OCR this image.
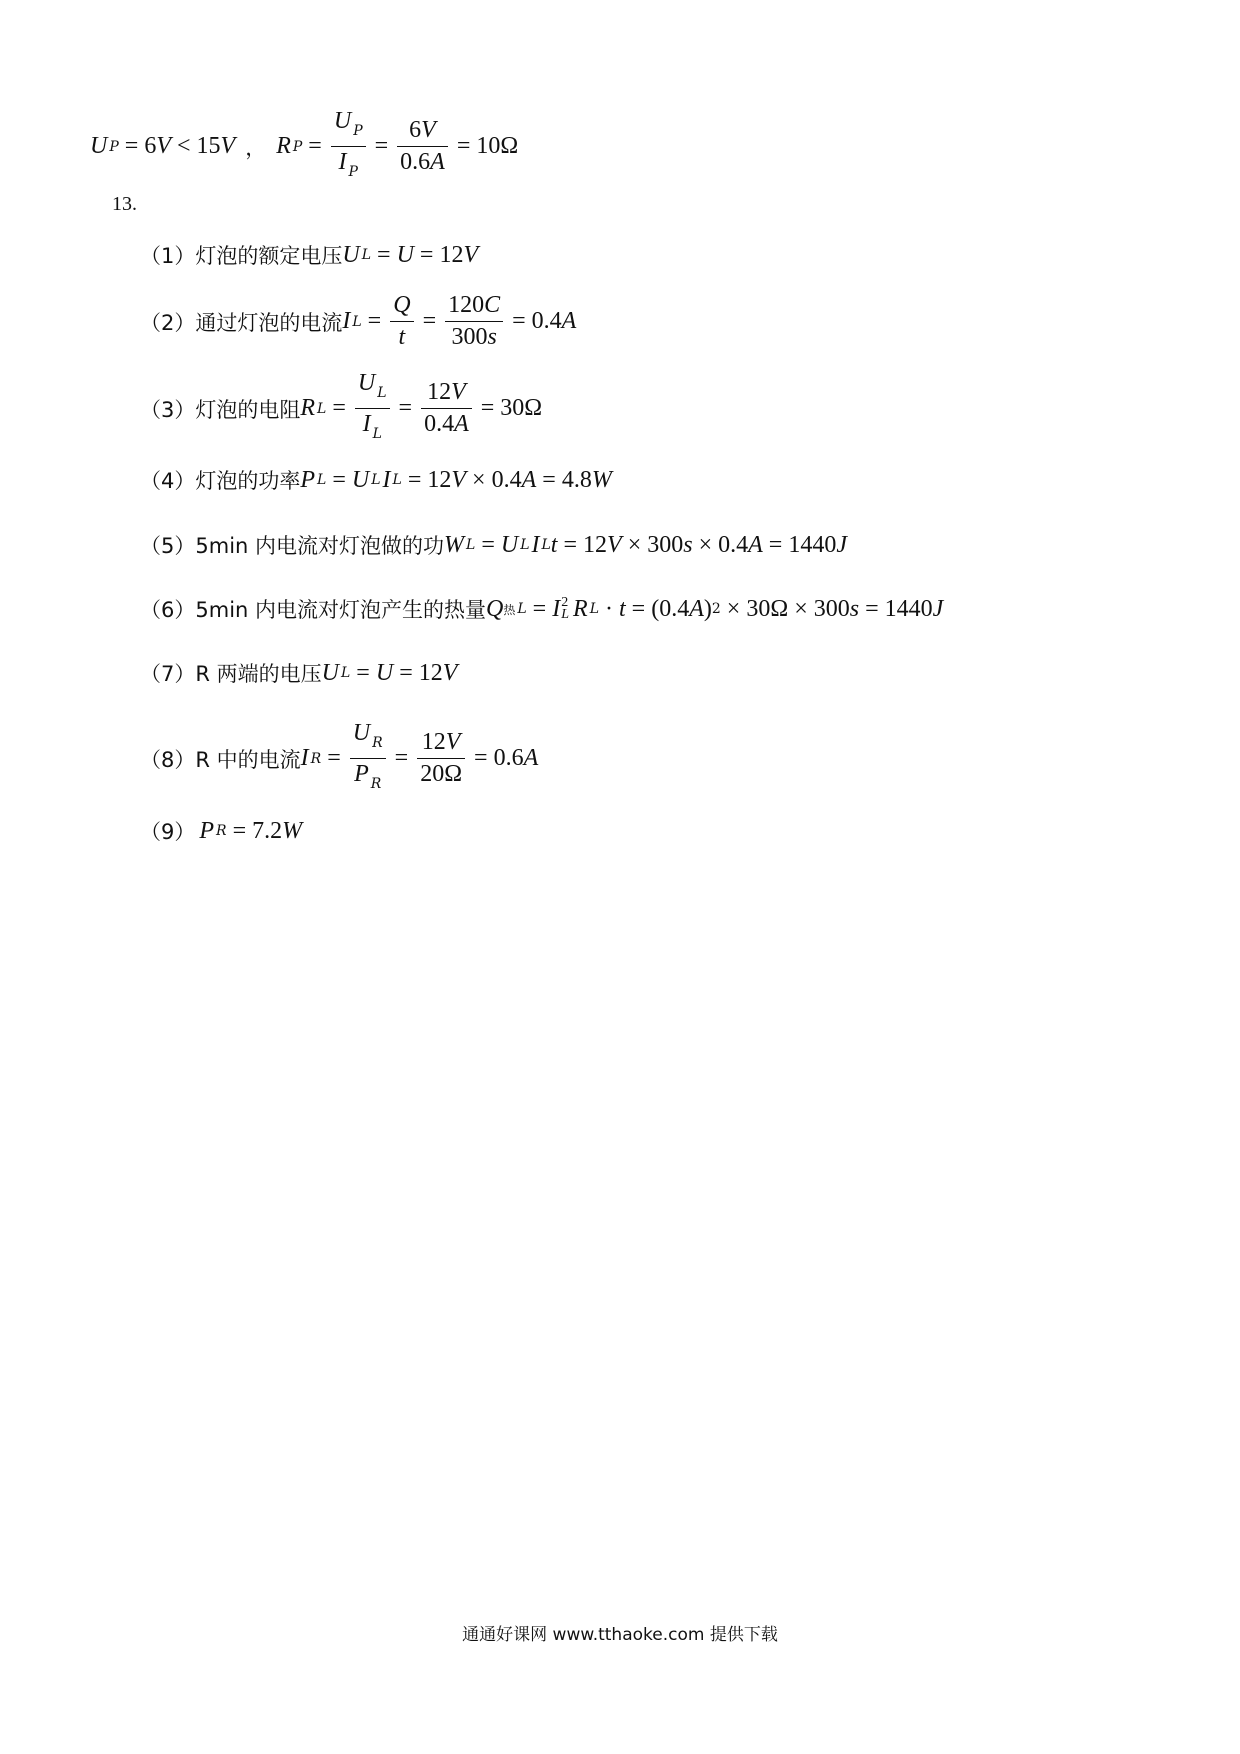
U P = 6 V < 15 V ， R $P = \frac{U _P}{I _P} = \frac{6V}{0.6A} = 10\Omega$
13.
（1） 灯泡的额定电压 U L = U = 12 V
（2） 通过灯泡的电流 I $L = \frac{Q}{t} = \frac{120C}{300s} = 0.4$ A
（3） 灯泡的电阻 R $L = \frac{U _L}{I _L} = \frac{12V}{0.4A} = 30\Omega$
（4） 灯泡的功率 P L = U L I L = 12 V × 0.4 A = 4.8 W
（5） 5min 内电流对灯泡做的功 W L = U L I L t = 12 V × 300 s × 0.4 A = 1440 J
（6） 5min 内电流对灯泡产生的热量 Q 热 L = I 2
L R L · t = (0.4 A ) 2 × 30Ω × 300 s = 1440 J
（7） R 两端的电压 U L = U = 12 V
（8） R 中的电流 I $R = \frac{U _R}{P _R} = \frac{12V}{20\Omega} = 0.6$ A
（9） P R = 7.2 W
通通好课网 www.tthaoke.com 提供下载
